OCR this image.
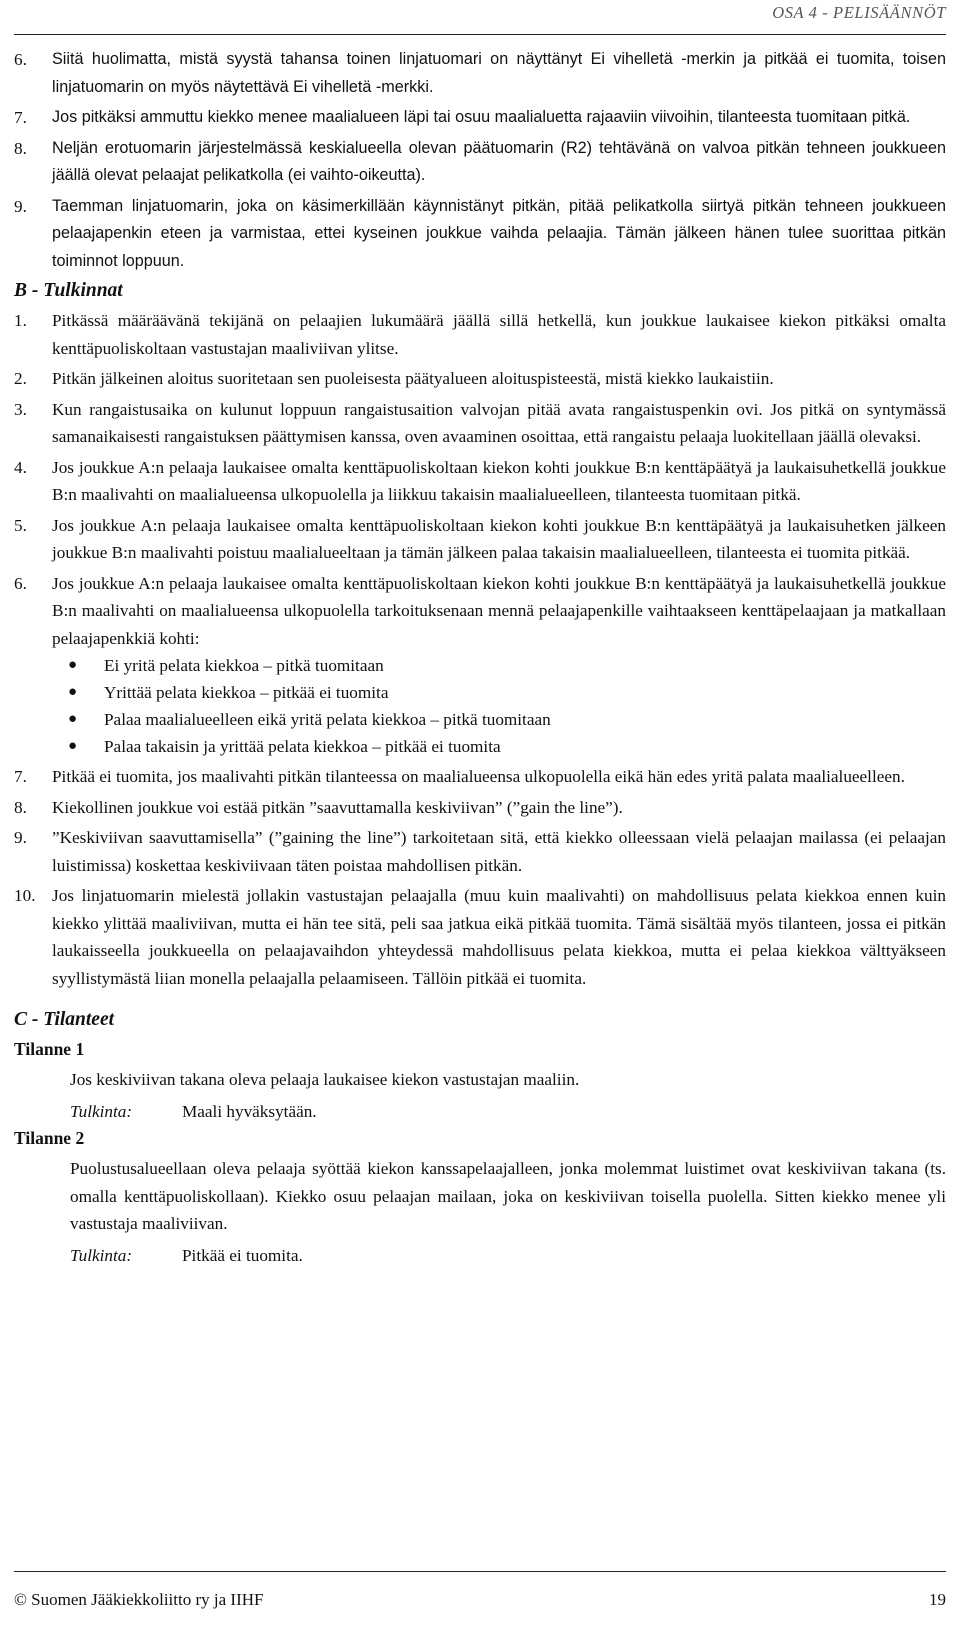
OSA 4 - PELISÄÄNNÖT
6.	Siitä huolimatta, mistä syystä tahansa toinen linjatuomari on näyttänyt Ei vihelletä -merkin ja pitkää ei tuomita, toisen linjatuomarin on myös näytettävä Ei vihelletä -merkki.
7.	Jos pitkäksi ammuttu kiekko menee maalialueen läpi tai osuu maalialuetta rajaaviin viivoihin, tilanteesta tuomitaan pitkä.
8.	Neljän erotuomarin järjestelmässä keskialueella olevan päätuomarin (R2) tehtävänä on valvoa pitkän tehneen joukkueen jäällä olevat pelaajat pelikatkolla (ei vaihto-oikeutta).
9.	Taemman linjatuomarin, joka on käsimerkillään käynnistänyt pitkän, pitää pelikatkolla siirtyä pitkän tehneen joukkueen pelaajapenkin eteen ja varmistaa, ettei kyseinen joukkue vaihda pelaajia. Tämän jälkeen hänen tulee suorittaa pitkän toiminnot loppuun.
B - Tulkinnat
1.	Pitkässä määräävänä tekijänä on pelaajien lukumäärä jäällä sillä hetkellä, kun joukkue laukaisee kiekon pitkäksi omalta kenttäpuoliskoltaan vastustajan maaliviivan ylitse.
2.	Pitkän jälkeinen aloitus suoritetaan sen puoleisesta päätyalueen aloituspisteestä, mistä kiekko laukaistiin.
3.	Kun rangaistusaika on kulunut loppuun rangaistusaition valvojan pitää avata rangaistuspenkin ovi. Jos pitkä on syntymässä samanaikaisesti rangaistuksen päättymisen kanssa, oven avaaminen osoittaa, että rangaistu pelaaja luokitellaan jäällä olevaksi.
4.	Jos joukkue A:n pelaaja laukaisee omalta kenttäpuoliskoltaan kiekon kohti joukkue B:n kenttäpäätyä ja laukaisuhetkellä joukkue B:n maalivahti on maalialueensa ulkopuolella ja liikkuu takaisin maalialueelleen, tilanteesta tuomitaan pitkä.
5.	Jos joukkue A:n pelaaja laukaisee omalta kenttäpuoliskoltaan kiekon kohti joukkue B:n kenttäpäätyä ja laukaisuhetken jälkeen joukkue B:n maalivahti poistuu maalialueeltaan ja tämän jälkeen palaa takaisin maalialueelleen, tilanteesta ei tuomita pitkää.
6.	Jos joukkue A:n pelaaja laukaisee omalta kenttäpuoliskoltaan kiekon kohti joukkue B:n kenttäpäätyä ja laukaisuhetkellä joukkue B:n maalivahti on maalialueensa ulkopuolella tarkoituksenaan mennä pelaajapenkille vaihtaakseen kenttäpelaajaan ja matkallaan pelaajapenkkiä kohti:
●	Ei yritä pelata kiekkoa – pitkä tuomitaan
●	Yrittää pelata kiekkoa – pitkää ei tuomita
●	Palaa maalialueelleen eikä yritä pelata kiekkoa – pitkä tuomitaan
●	Palaa takaisin ja yrittää pelata kiekkoa – pitkää ei tuomita
7.	Pitkää ei tuomita, jos maalivahti pitkän tilanteessa on maalialueensa ulkopuolella eikä hän edes yritä palata maalialueelleen.
8.	Kiekollinen joukkue voi estää pitkän ”saavuttamalla keskiviivan” (”gain the line”).
9.	”Keskiviivan saavuttamisella” (”gaining the line”) tarkoitetaan sitä, että kiekko olleessaan vielä pelaajan mailassa (ei pelaajan luistimissa) koskettaa keskiviivaan täten poistaa mahdollisen pitkän.
10. Jos linjatuomarin mielestä jollakin vastustajan pelaajalla (muu kuin maalivahti) on mahdollisuus pelata kiekkoa ennen kuin kiekko ylittää maaliviivan, mutta ei hän tee sitä, peli saa jatkua eikä pitkää tuomita. Tämä sisältää myös tilanteen, jossa ei pitkän laukaisseella joukkueella on pelaajavaihdon yhteydessä mahdollisuus pelata kiekkoa, mutta ei pelaa kiekkoa välttyäkseen syyllistymästä liian monella pelaajalla pelaamiseen. Tällöin pitkää ei tuomita.
C - Tilanteet
Tilanne 1
Jos keskiviivan takana oleva pelaaja laukaisee kiekon vastustajan maaliin.
Tulkinta:	Maali hyväksytään.
Tilanne 2
Puolustusalueellaan oleva pelaaja syöttää kiekon kanssapelaajalleen, jonka molemmat luistimet ovat keskiviivan takana (ts. omalla kenttäpuoliskollaan). Kiekko osuu pelaajan mailaan, joka on keskiviivan toisella puolella. Sitten kiekko menee yli vastustaja maaliviivan.
Tulkinta:	Pitkää ei tuomita.
© Suomen Jääkiekkoliitto ry ja IIHF	19
